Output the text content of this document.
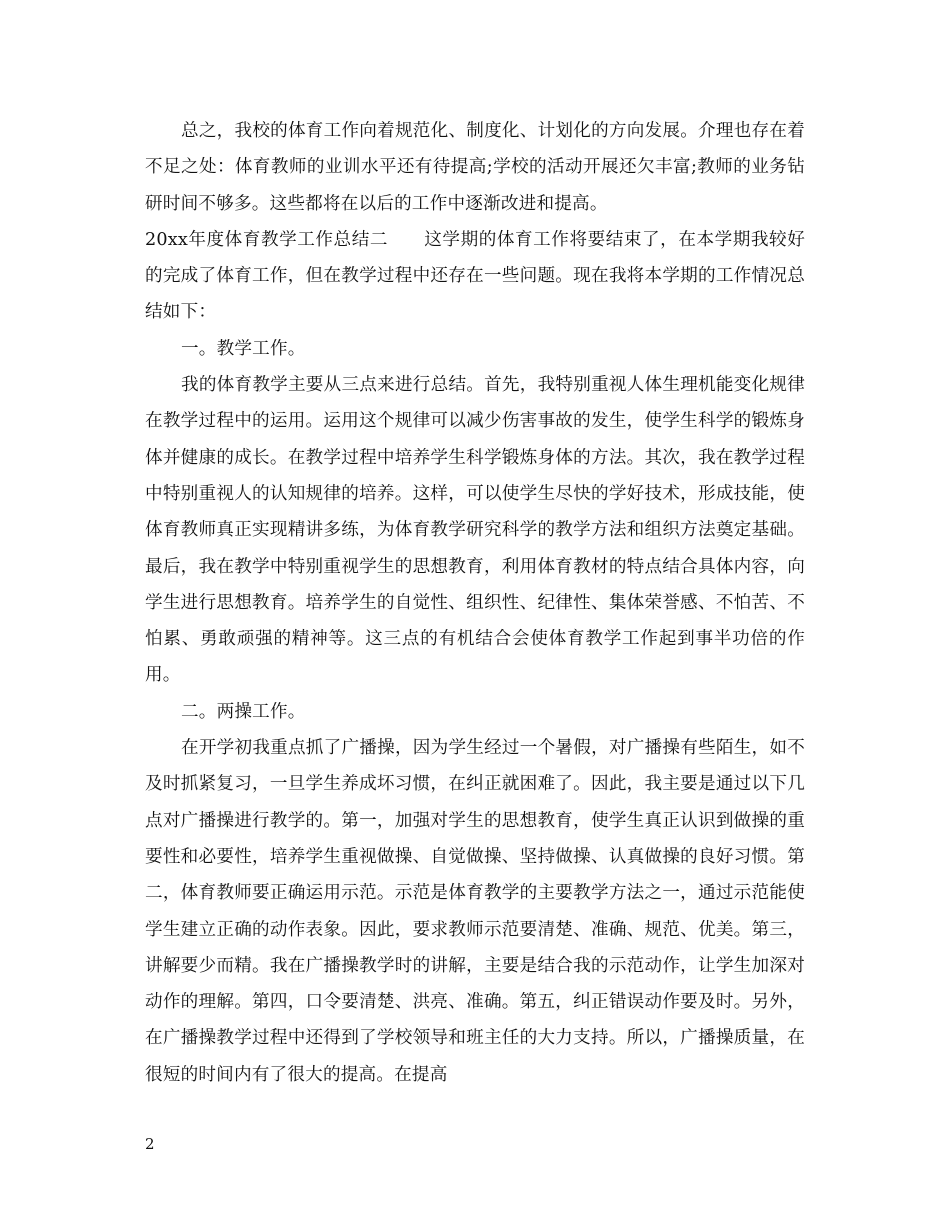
总之，我校的体育工作向着规范化、制度化、计划化的方向发展。介理也存在着不足之处：体育教师的业训水平还有待提高;学校的活动开展还欠丰富;教师的业务钻研时间不够多。这些都将在以后的工作中逐渐改进和提高。

20xx年度体育教学工作总结二　　这学期的体育工作将要结束了，在本学期我较好的完成了体育工作，但在教学过程中还存在一些问题。现在我将本学期的工作情况总结如下：

一。教学工作。

我的体育教学主要从三点来进行总结。首先，我特别重视人体生理机能变化规律在教学过程中的运用。运用这个规律可以减少伤害事故的发生，使学生科学的锻炼身体并健康的成长。在教学过程中培养学生科学锻炼身体的方法。其次，我在教学过程中特别重视人的认知规律的培养。这样，可以使学生尽快的学好技术，形成技能，使体育教师真正实现精讲多练，为体育教学研究科学的教学方法和组织方法奠定基础。最后，我在教学中特别重视学生的思想教育，利用体育教材的特点结合具体内容，向学生进行思想教育。培养学生的自觉性、组织性、纪律性、集体荣誉感、不怕苦、不怕累、勇敢顽强的精神等。这三点的有机结合会使体育教学工作起到事半功倍的作用。

二。两操工作。

在开学初我重点抓了广播操，因为学生经过一个暑假，对广播操有些陌生，如不及时抓紧复习，一旦学生养成坏习惯，在纠正就困难了。因此，我主要是通过以下几点对广播操进行教学的。第一，加强对学生的思想教育，使学生真正认识到做操的重要性和必要性，培养学生重视做操、自觉做操、坚持做操、认真做操的良好习惯。第二，体育教师要正确运用示范。示范是体育教学的主要教学方法之一，通过示范能使学生建立正确的动作表象。因此，要求教师示范要清楚、准确、规范、优美。第三，讲解要少而精。我在广播操教学时的讲解，主要是结合我的示范动作，让学生加深对动作的理解。第四，口令要清楚、洪亮、准确。第五，纠正错误动作要及时。另外，在广播操教学过程中还得到了学校领导和班主任的大力支持。所以，广播操质量，在很短的时间内有了很大的提高。在提高

2
